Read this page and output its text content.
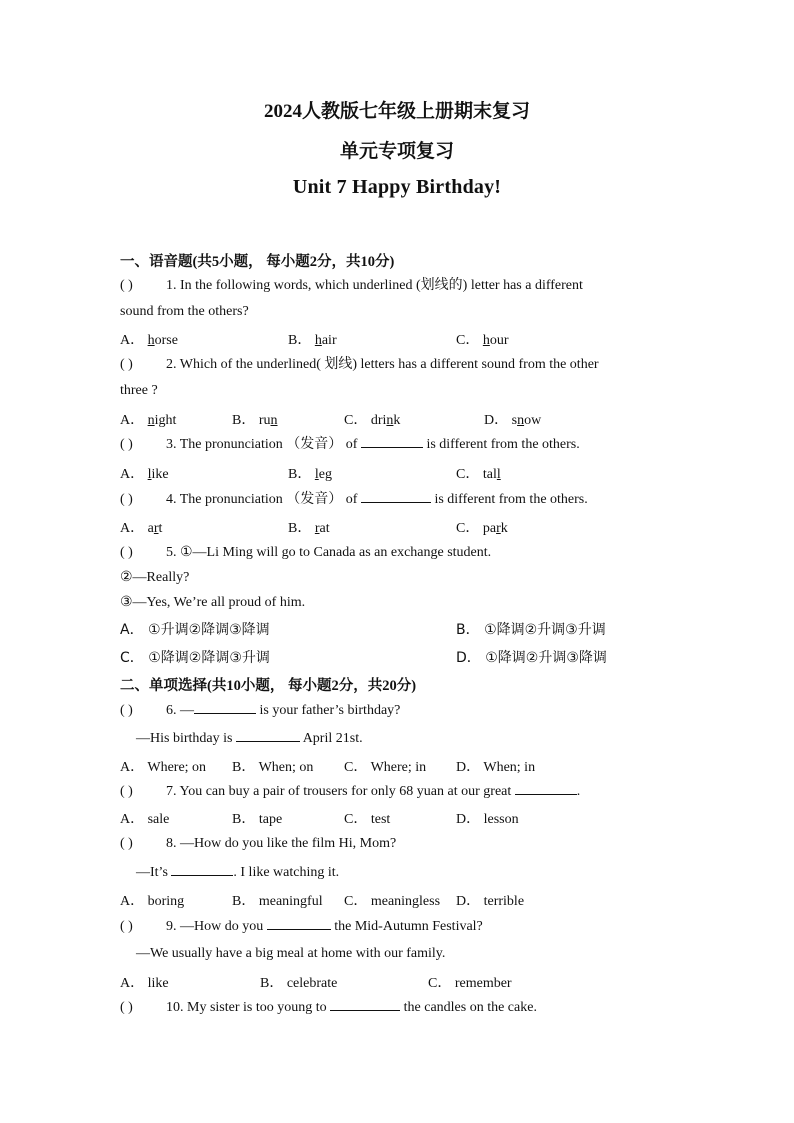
2024人教版七年级上册期末复习
单元专项复习
Unit 7 Happy Birthday!
一、语音题(共5小题， 每小题2分，共10分)
( ) 1. In the following words, which underlined (划线的) letter has a different
sound from the others?
A． horse	B． hair	C． hour
( ) 2. Which of the underlined( 划线) letters has a different sound from the other
three ?
A． night	B． run	C． drink	D． snow
( ) 3. The pronunciation （发音） of	is different from the others.
A． like	B． leg	C． tall
( ) 4. The pronunciation （发音） of	is different from the others.
A． art	B． rat	C． park
( ) 5. ①—Li Ming will go to Canada as an exchange student.
②—Really?
③—Yes, We’re all proud of him.
A． ①升调②降调③降调	B． ①降调②升调③升调
C． ①降调②降调③升调	D． ①降调②升调③降调
二、单项选择(共10小题， 每小题2分，共20分)
( ) 6. —	is your father’s birthday?
—His birthday is	April 21st.
A． Where; on B． When; on C． Where; in D． When; in
( ) 7. You can buy a pair of trousers for only 68 yuan at our great	.
A． sale	B． tape	C． test	D． lesson
( ) 8. —How do you like the film Hi, Mom?
—It’s	. I like watching it.
A． boring	B． meaningful C． meaningless D． terrible
( ) 9. —How do you	the Mid-Autumn Festival?
—We usually have a big meal at home with our family.
A． like	B． celebrate	C． remember
( ) 10. My sister is too young to	the candles on the cake.
